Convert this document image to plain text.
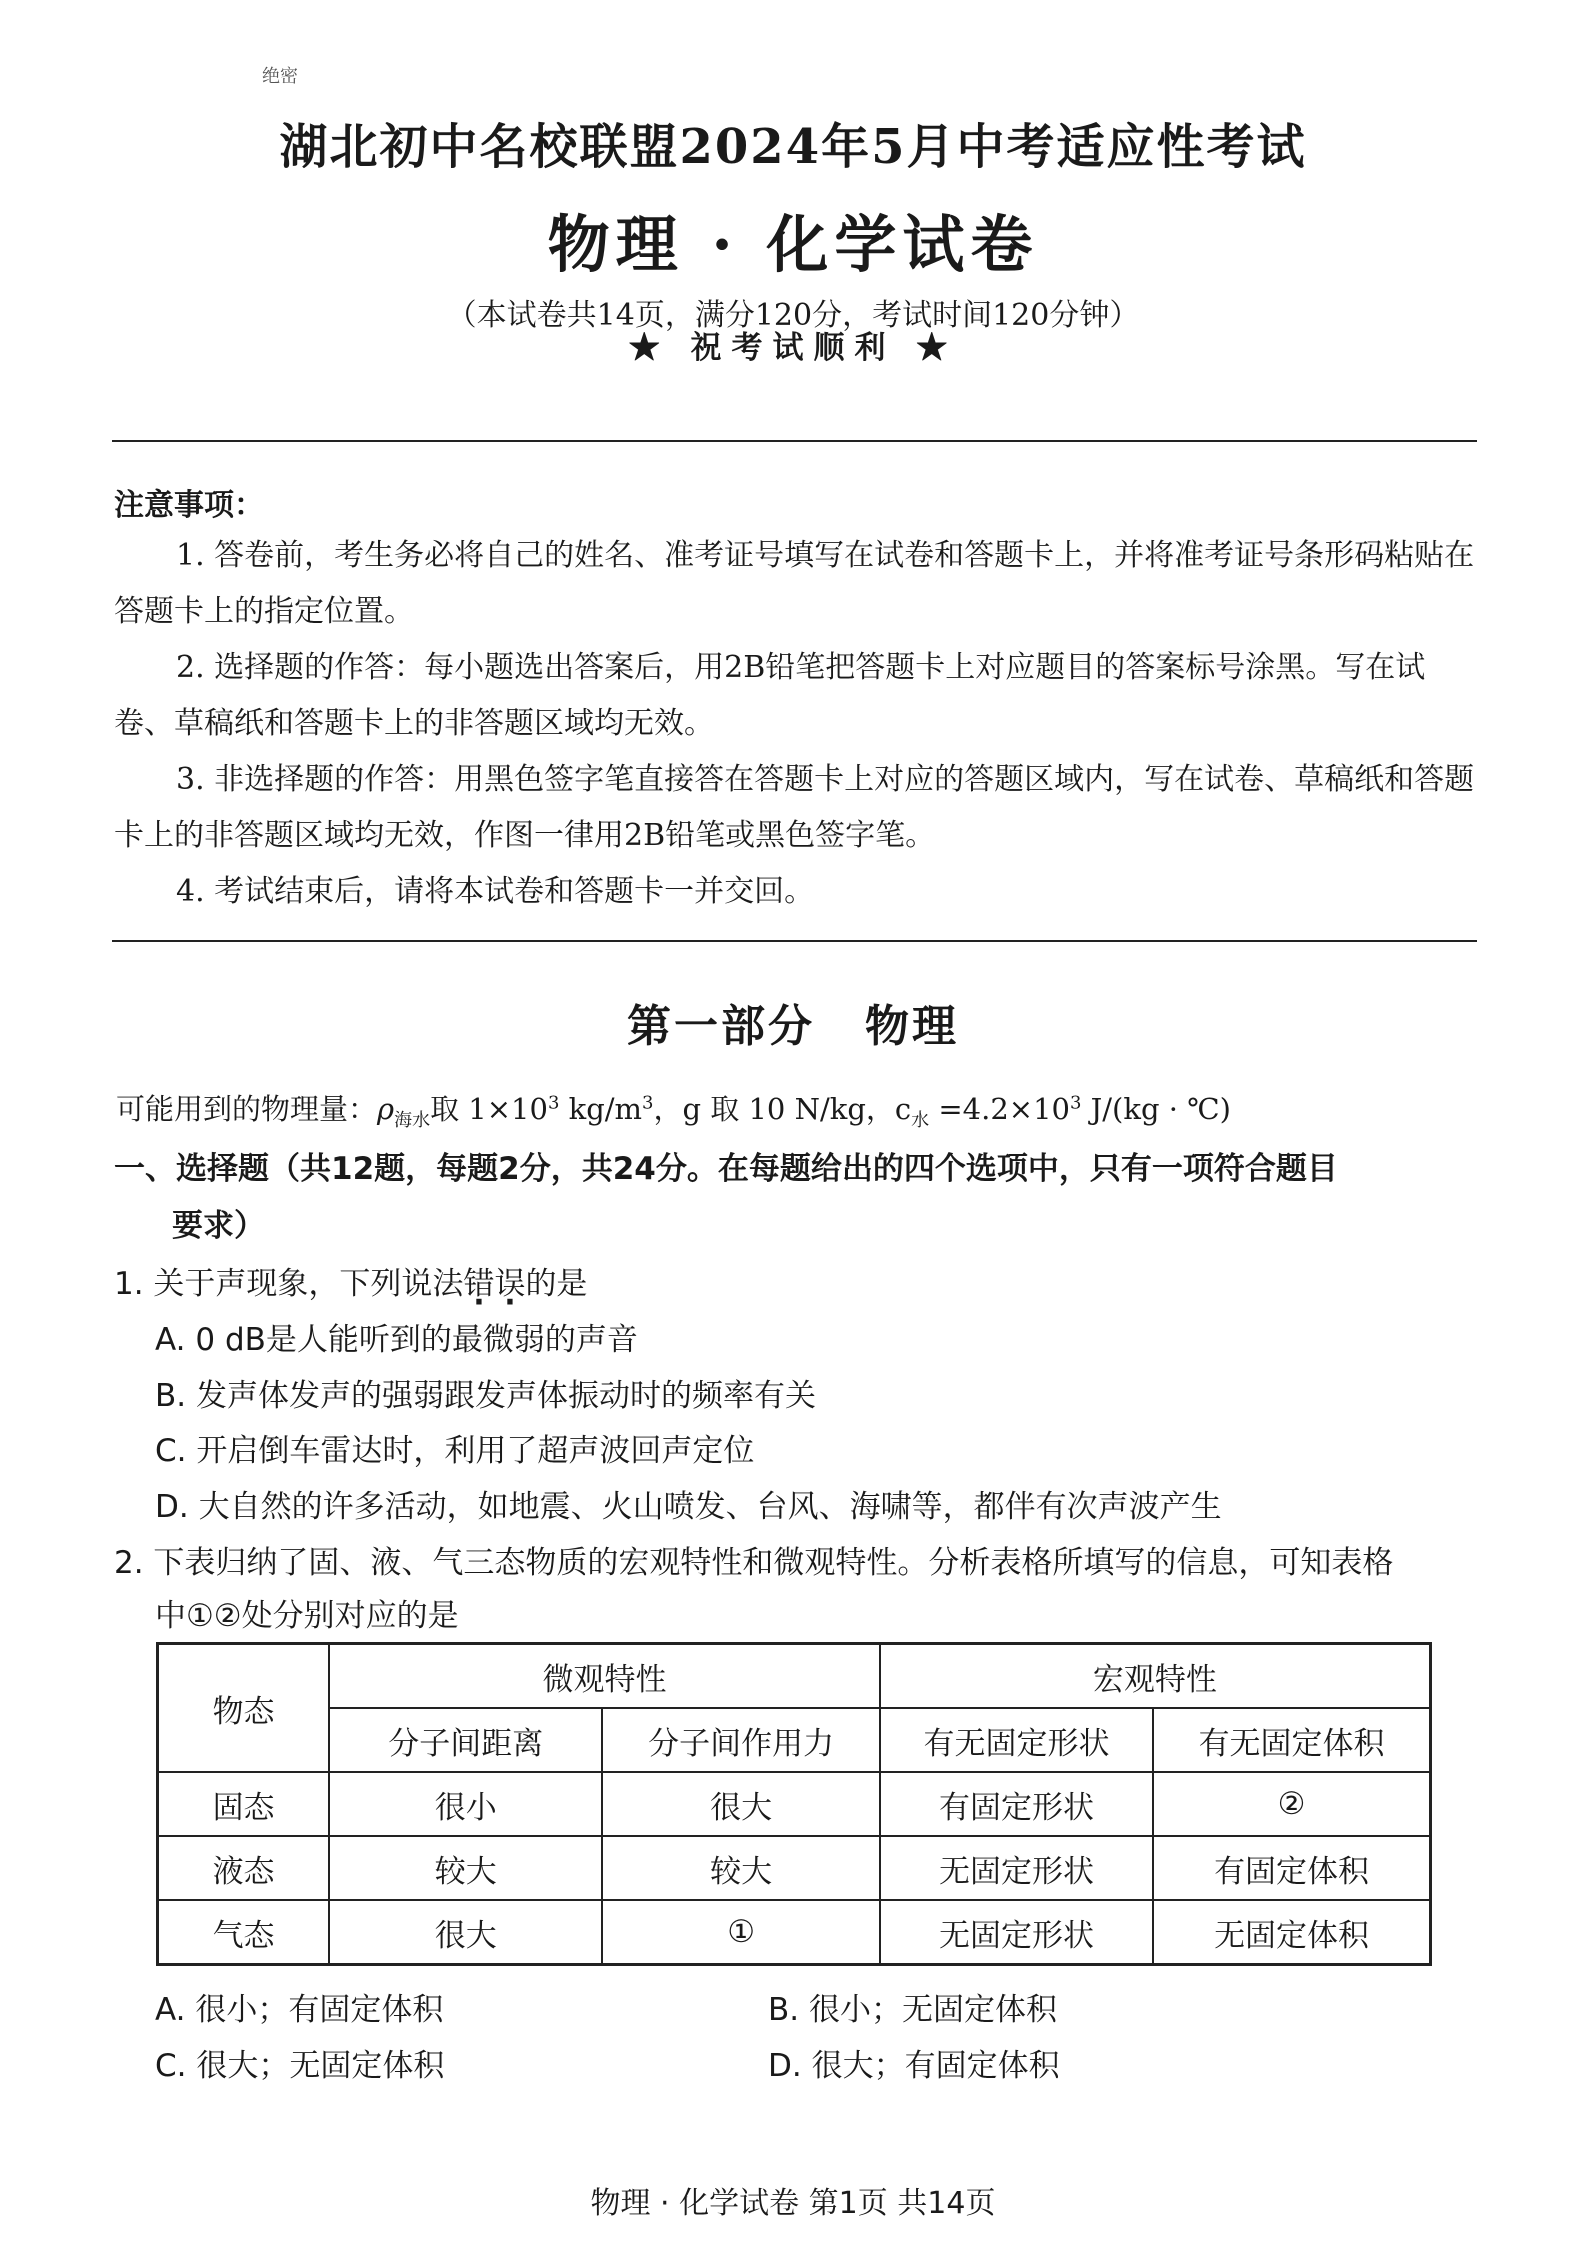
绝密
湖北初中名校联盟2024年5月中考适应性考试
物理 · 化学试卷
（本试卷共14页，满分120分，考试时间120分钟）
★ 祝考试顺利 ★
注意事项：
1. 答卷前，考生务必将自己的姓名、准考证号填写在试卷和答题卡上，并将准考证号条形码粘贴在答题卡上的指定位置。
2. 选择题的作答：每小题选出答案后，用2B铅笔把答题卡上对应题目的答案标号涂黑。写在试卷、草稿纸和答题卡上的非答题区域均无效。
3. 非选择题的作答：用黑色签字笔直接答在答题卡上对应的答题区域内，写在试卷、草稿纸和答题卡上的非答题区域均无效，作图一律用2B铅笔或黑色签字笔。
4. 考试结束后，请将本试卷和答题卡一并交回。
第一部分 物理
可能用到的物理量：$\rho_{海水}$取 $1\times 10^3$ $kg/m^3$，g 取 10 N/kg，$c_水 =4.2\times 10^3$ J/(kg · ℃)
一、选择题（共12题，每题2分，共24分。在每题给出的四个选项中，只有一项符合题目
要求）
1. 关于声现象，下列说法错误的是
A. 0 dB是人能听到的最微弱的声音
B. 发声体发声的强弱跟发声体振动时的频率有关
C. 开启倒车雷达时，利用了超声波回声定位
D. 大自然的许多活动，如地震、火山喷发、台风、海啸等，都伴有次声波产生
2. 下表归纳了固、液、气三态物质的宏观特性和微观特性。分析表格所填写的信息，可知表格
中①②处分别对应的是
物态	微观特性		宏观特性	
	分子间距离	分子间作用力	有无固定形状	有无固定体积
固态	很小	很大	有固定形状	②
液态	较大	较大	无固定形状	有固定体积
气态	很大	①	无固定形状	无固定体积
A. 很小；有固定体积	B. 很小；无固定体积
C. 很大；无固定体积	D. 很大；有固定体积
物理 · 化学试卷 第1页 共14页
